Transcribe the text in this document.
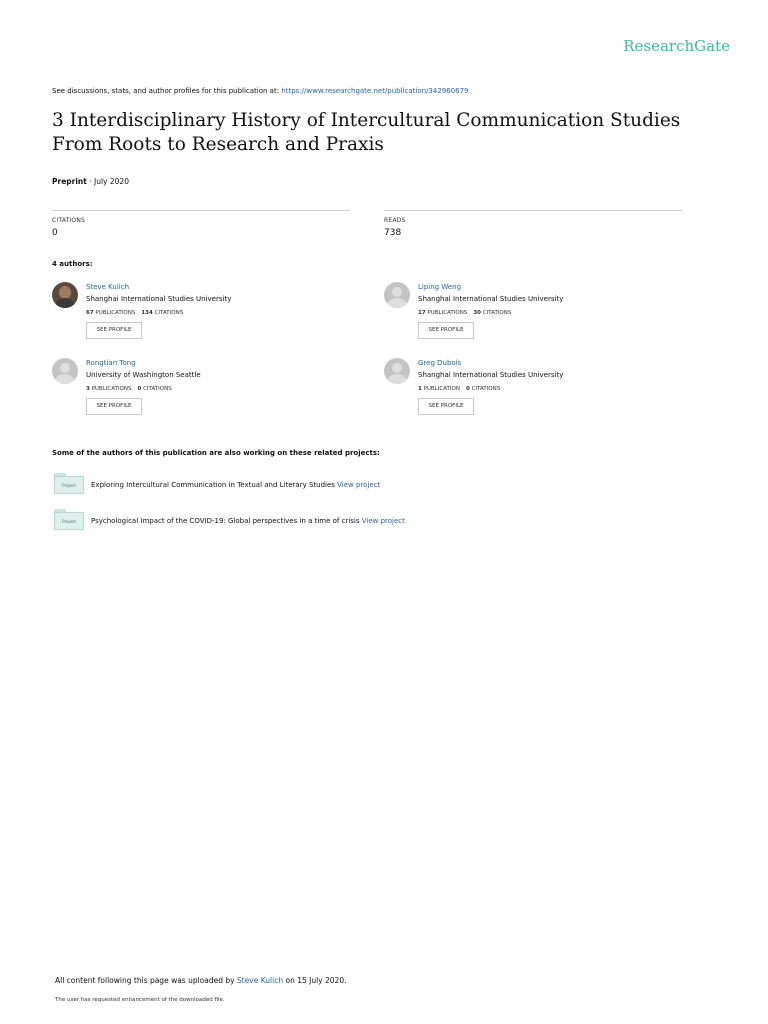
ResearchGate
See discussions, stats, and author profiles for this publication at: https://www.researchgate.net/publication/342960679
3 Interdisciplinary History of Intercultural Communication Studies From Roots to Research and Praxis
Preprint · July 2020
CITATIONS
0
READS
738
4 authors:
Steve Kulich
Shanghai International Studies University
67 PUBLICATIONS 134 CITATIONS
SEE PROFILE
Liping Weng
Shanghai International Studies University
17 PUBLICATIONS 30 CITATIONS
SEE PROFILE
Rongtian Tong
University of Washington Seattle
3 PUBLICATIONS 0 CITATIONS
SEE PROFILE
Greg Dubois
Shanghai International Studies University
1 PUBLICATION 0 CITATIONS
SEE PROFILE
Some of the authors of this publication are also working on these related projects:
Project	Exploring Intercultural Communication in Textual and Literary Studies View project
Project	Psychological Impact of the COVID-19: Global perspectives in a time of crisis View project
All content following this page was uploaded by Steve Kulich on 15 July 2020.
The user has requested enhancement of the downloaded file.
